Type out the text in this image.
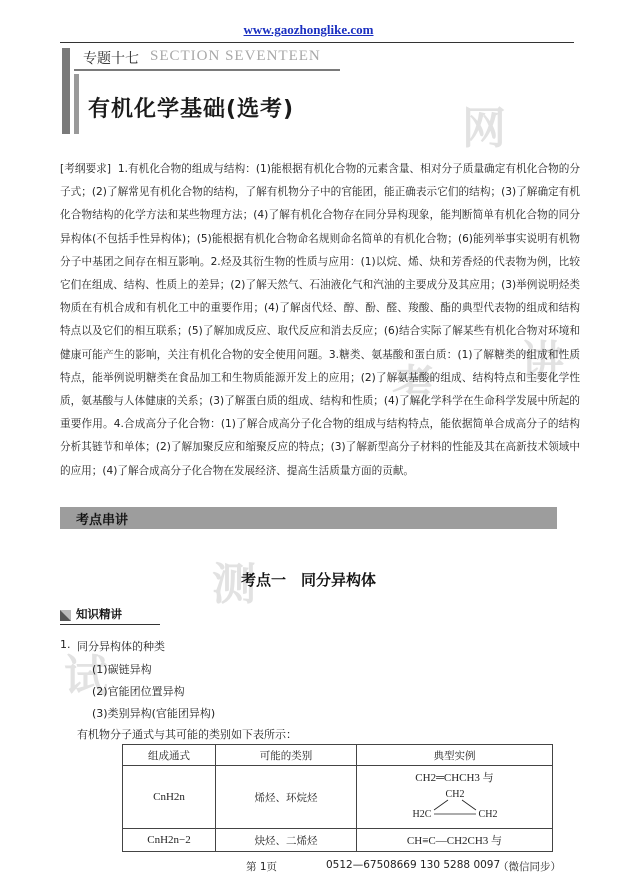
www.gaozhonglike.com
网
测
讲
试
考
专题十七 SECTION SEVENTEEN
有机化学基础(选考)
[考纲要求] 1.有机化合物的组成与结构：(1)能根据有机化合物的元素含量、相对分子质量确定有机化合物的分子式；(2)了解常见有机化合物的结构，了解有机物分子中的官能团，能正确表示它们的结构；(3)了解确定有机化合物结构的化学方法和某些物理方法；(4)了解有机化合物存在同分异构现象，能判断简单有机化合物的同分异构体(不包括手性异构体)；(5)能根据有机化合物命名规则命名简单的有机化合物；(6)能列举事实说明有机物分子中基团之间存在相互影响。2.烃及其衍生物的性质与应用：(1)以烷、烯、炔和芳香烃的代表物为例，比较它们在组成、结构、性质上的差异；(2)了解天然气、石油液化气和汽油的主要成分及其应用；(3)举例说明烃类物质在有机合成和有机化工中的重要作用；(4)了解卤代烃、醇、酚、醛、羧酸、酯的典型代表物的组成和结构特点以及它们的相互联系；(5)了解加成反应、取代反应和消去反应；(6)结合实际了解某些有机化合物对环境和健康可能产生的影响，关注有机化合物的安全使用问题。3.糖类、氨基酸和蛋白质：(1)了解糖类的组成和性质特点，能举例说明糖类在食品加工和生物质能源开发上的应用；(2)了解氨基酸的组成、结构特点和主要化学性质，氨基酸与人体健康的关系；(3)了解蛋白质的组成、结构和性质；(4)了解化学科学在生命科学发展中所起的重要作用。4.合成高分子化合物：(1)了解合成高分子化合物的组成与结构特点，能依据简单合成高分子的结构分析其链节和单体；(2)了解加聚反应和缩聚反应的特点；(3)了解新型高分子材料的性能及其在高新技术领域中的应用；(4)了解合成高分子化合物在发展经济、提高生活质量方面的贡献。
考点串讲
考点一　同分异构体
知识精讲
1. 同分异构体的种类
(1)碳链异构
(2)官能团位置异构
(3)类别异构(官能团异构)
有机物分子通式与其可能的类别如下表所示：
组成通式	可能的类别	典型实例
CnH2n	烯烃、环烷烃	CH2═CHCH3 与
CH2
H2C CH2

CnH2n−2	炔烃、二烯烃	CH≡C—CH2CH3 与
第 1页	0512—67508669 130 5288 0097
（微信同步）
